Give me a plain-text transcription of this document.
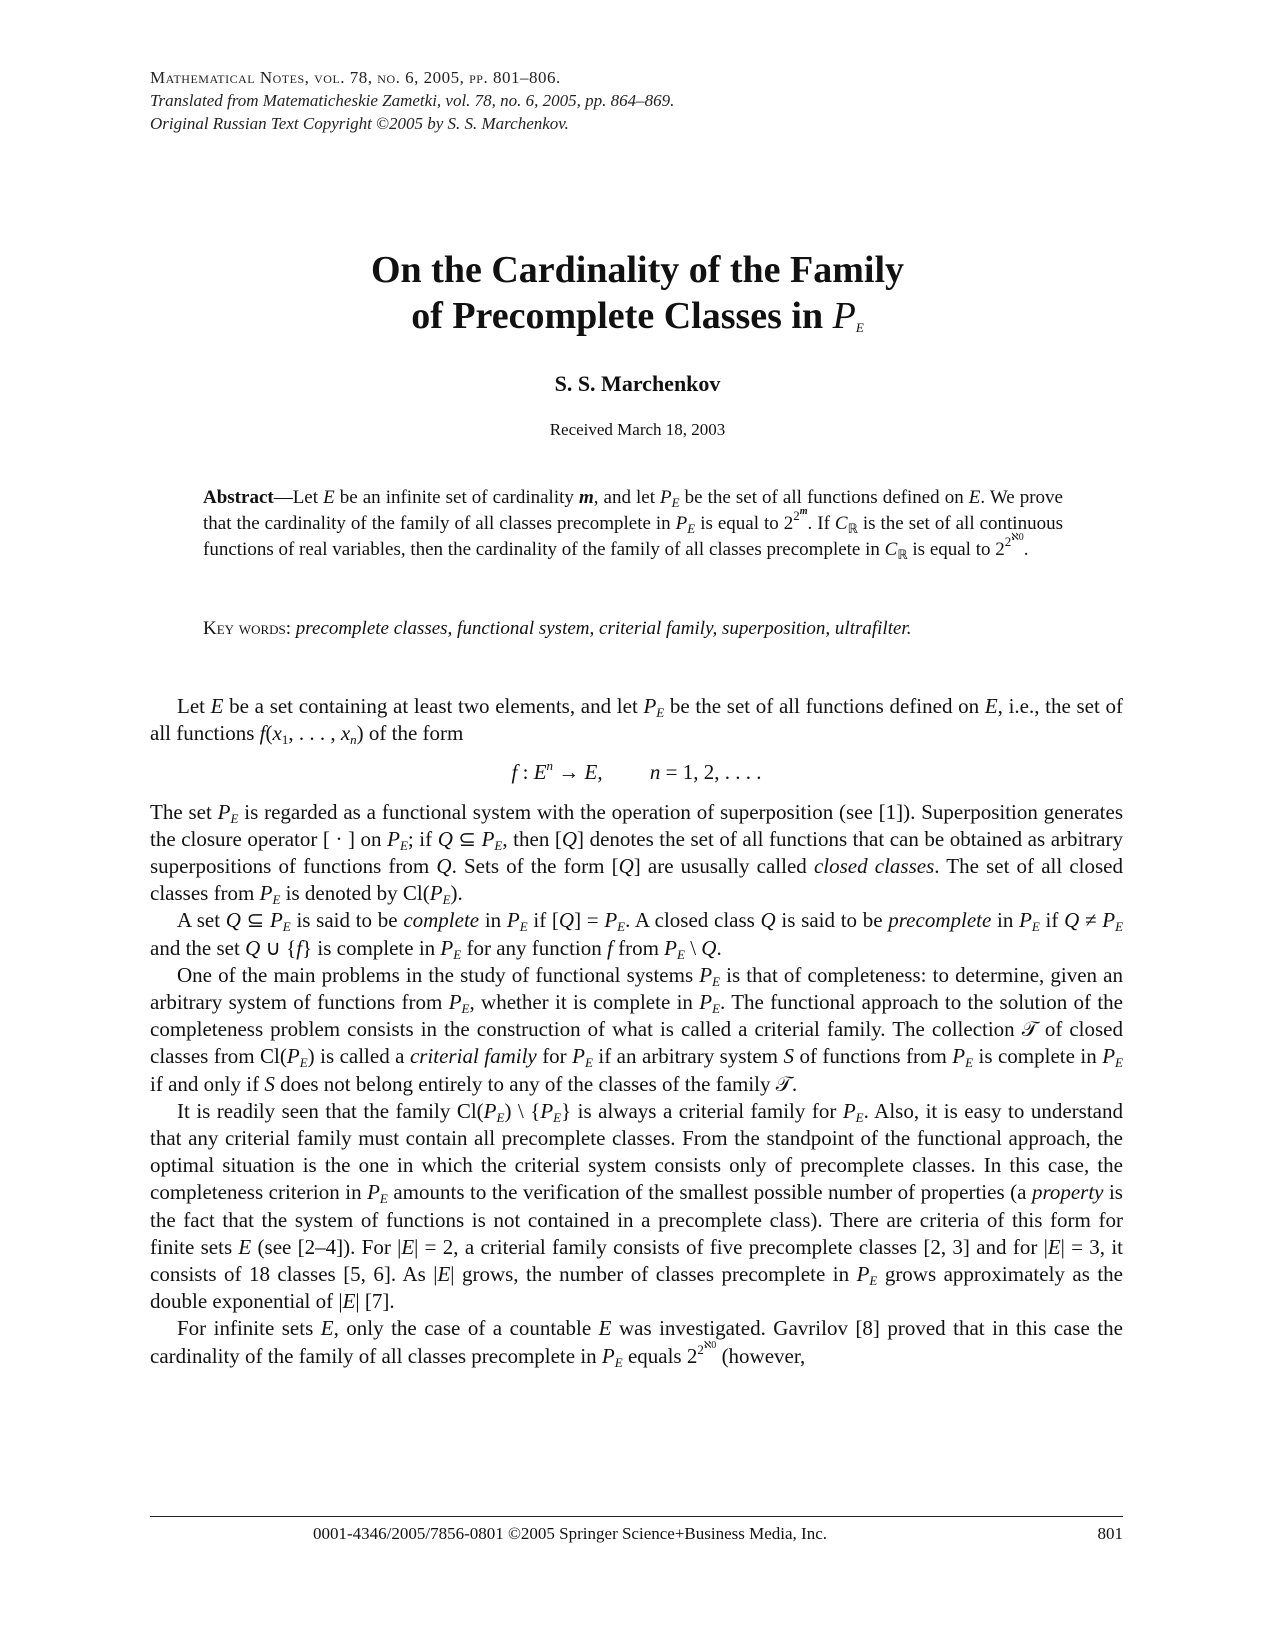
Mathematical Notes, vol. 78, no. 6, 2005, pp. 801–806.
Translated from Matematicheskie Zametki, vol. 78, no. 6, 2005, pp. 864–869.
Original Russian Text Copyright ©2005 by S. S. Marchenkov.
On the Cardinality of the Family
of Precomplete Classes in $P_E$
S. S. Marchenkov
Received March 18, 2003
Abstract—Let E be an infinite set of cardinality m, and let $P_E$ be the set of all functions defined on E. We prove that the cardinality of the family of all classes precomplete in $P_E$ is equal to $2^{2^m}$. If $C_ℝ$ is the set of all continuous functions of real variables, then the cardinality of the family of all classes precomplete in $C_ℝ$ is equal to $2^{2^{ℵ0}}$.
Key words: precomplete classes, functional system, criterial family, superposition, ultrafilter.

Let E be a set containing at least two elements, and let $P_E$ be the set of all functions defined on E, i.e., the set of all functions $f(x_1$, . . . , $x_n$) of the form

f : $E^n \to E$,         n = 1, 2, . . . .

The set $P_E$ is regarded as a functional system with the operation of superposition (see [1]). Superposition generates the closure operator [ · ] on $P_E$; if Q ⊆ $P_E$, then [Q] denotes the set of all functions that can be obtained as arbitrary superpositions of functions from Q. Sets of the form [Q] are ususally called closed classes. The set of all closed classes from $P_E$ is denoted by $Cl(P_E)$.

A set Q ⊆ $P_E$ is said to be complete in $P_E$ if $[Q] = P_E$. A closed class Q is said to be precomplete in $P_E$ if $Q \ne P_E$ and the set Q ∪ {f} is complete in $P_E$ for any function f from $P_E$ \ Q.

One of the main problems in the study of functional systems $P_E$ is that of completeness: to determine, given an arbitrary system of functions from $P_E$, whether it is complete in $P_E$. The functional approach to the solution of the completeness problem consists in the construction of what is called a criterial family. The collection 𝒯 of closed classes from $Cl(P_E)$ is called a criterial family for $P_E$ if an arbitrary system S of functions from $P_E$ is complete in $P_E$ if and only if S does not belong entirely to any of the classes of the family 𝒯.

It is readily seen that the family $Cl(P_E)$ \ $\{P_E\}$ is always a criterial family for $P_E$. Also, it is easy to understand that any criterial family must contain all precomplete classes. From the standpoint of the functional approach, the optimal situation is the one in which the criterial system consists only of precomplete classes. In this case, the completeness criterion in $P_E$ amounts to the verification of the smallest possible number of properties (a property is the fact that the system of functions is not contained in a precomplete class). There are criteria of this form for finite sets E (see [2–4]). For |E| = 2, a criterial family consists of five precomplete classes [2, 3] and for |E| = 3, it consists of 18 classes [5, 6]. As |E| grows, the number of classes precomplete in $P_E$ grows approximately as the double exponential of |E| [7].

For infinite sets E, only the case of a countable E was investigated. Gavrilov [8] proved that in this case the cardinality of the family of all classes precomplete in $P_E$ equals $2^{2^{ℵ0}}$ (however,

0001-4346/2005/7856-0801 ©2005 Springer Science+Business Media, Inc.	801
